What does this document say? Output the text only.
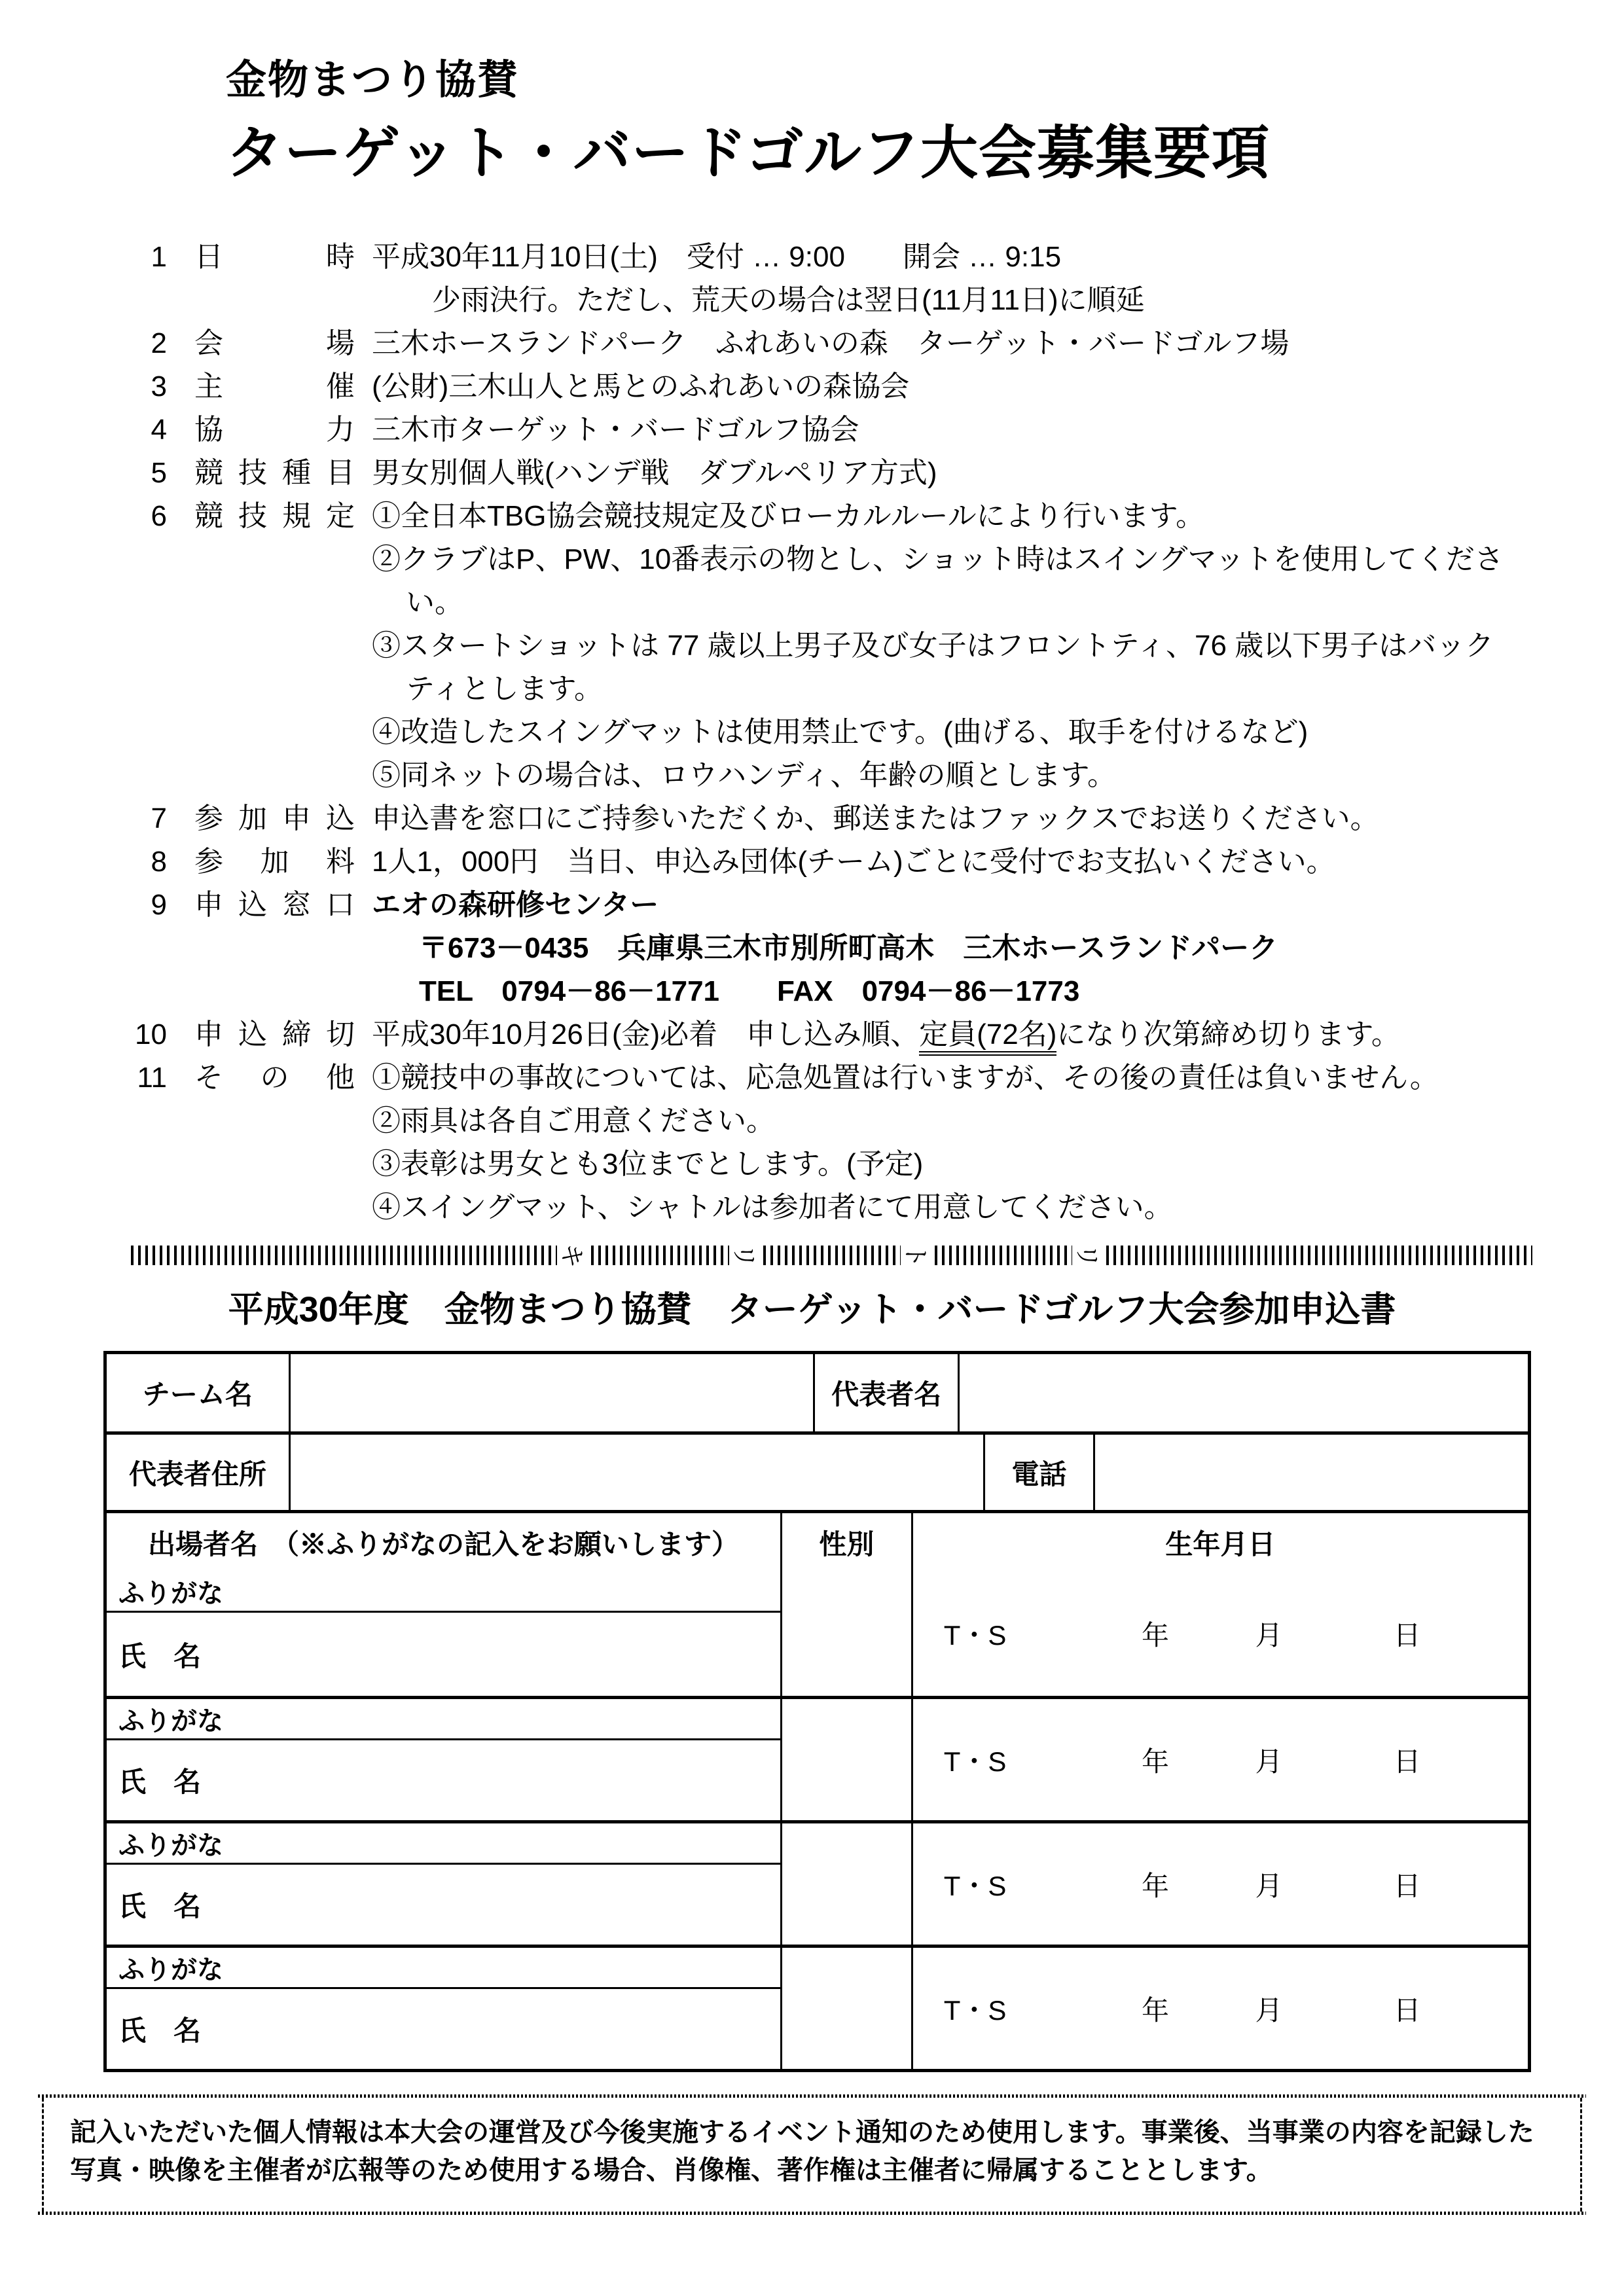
金物まつり協賛
ターゲット・バードゴルフ大会募集要項
1 日	時 平成30年11月10日(土)　受付 … 9:00　　開会 … 9:15
少雨決行。ただし、荒天の場合は翌日(11月11日)に順延
2 会	場 三木ホースランドパーク　ふれあいの森　ターゲット・バードゴルフ場
3 主	催 (公財)三木山人と馬とのふれあいの森協会
4 協	力 三木市ターゲット・バードゴルフ協会
5 競 技 種 目 男女別個人戦(ハンデ戦　ダブルペリア方式)
6 競 技 規 定 ①全日本TBG協会競技規定及びローカルルールにより行います。
②クラブはP、PW、10番表示の物とし、ショット時はスイングマットを使用してくださ
い。
③スタートショットは 77 歳以上男子及び女子はフロントティ、76 歳以下男子はバック
ティとします。
④改造したスイングマットは使用禁止です。(曲げる、取手を付けるなど)
⑤同ネットの場合は、ロウハンディ、年齢の順とします。
7 参 加 申 込 申込書を窓口にご持参いただくか、郵送またはファックスでお送りください。
8 参 加 料 1人1，000円　当日、申込み団体(チーム)ごとに受付でお支払いください。
9 申 込 窓 口 エオの森研修センター
〒673－0435　兵庫県三木市別所町高木　三木ホースランドパーク
TEL　0794－86－1771　　FAX　0794－86－1773
10 申 込 締 切 平成30年10月26日(金)必着　申し込み順、定員(72名)になり次第締め切ります。
11 そ の 他 ①競技中の事故については、応急処置は行いますが、その後の責任は負いません。
②雨具は各自ご用意ください。
③表彰は男女とも3位までとします。(予定)
④スイングマット、シャトルは参加者にて用意してください。
キ	リ	ト	リ
平成30年度　金物まつり協賛　ターゲット・バードゴルフ大会参加申込書
チーム名	代表者名
代表者住所	電話
出場者名　（※ふりがなの記入をお願いします）	性別	生年月日
ふりがな
氏　名
T・S	年	月	日
ふりがな
氏　名
T・S	年	月	日
ふりがな
氏　名
T・S	年	月	日
ふりがな
氏　名
T・S	年	月	日
記入いただいた個人情報は本大会の運営及び今後実施するイベント通知のため使用します。事業後、当事業の内容を記録した写真・映像を主催者が広報等のため使用する場合、肖像権、著作権は主催者に帰属することとします。
